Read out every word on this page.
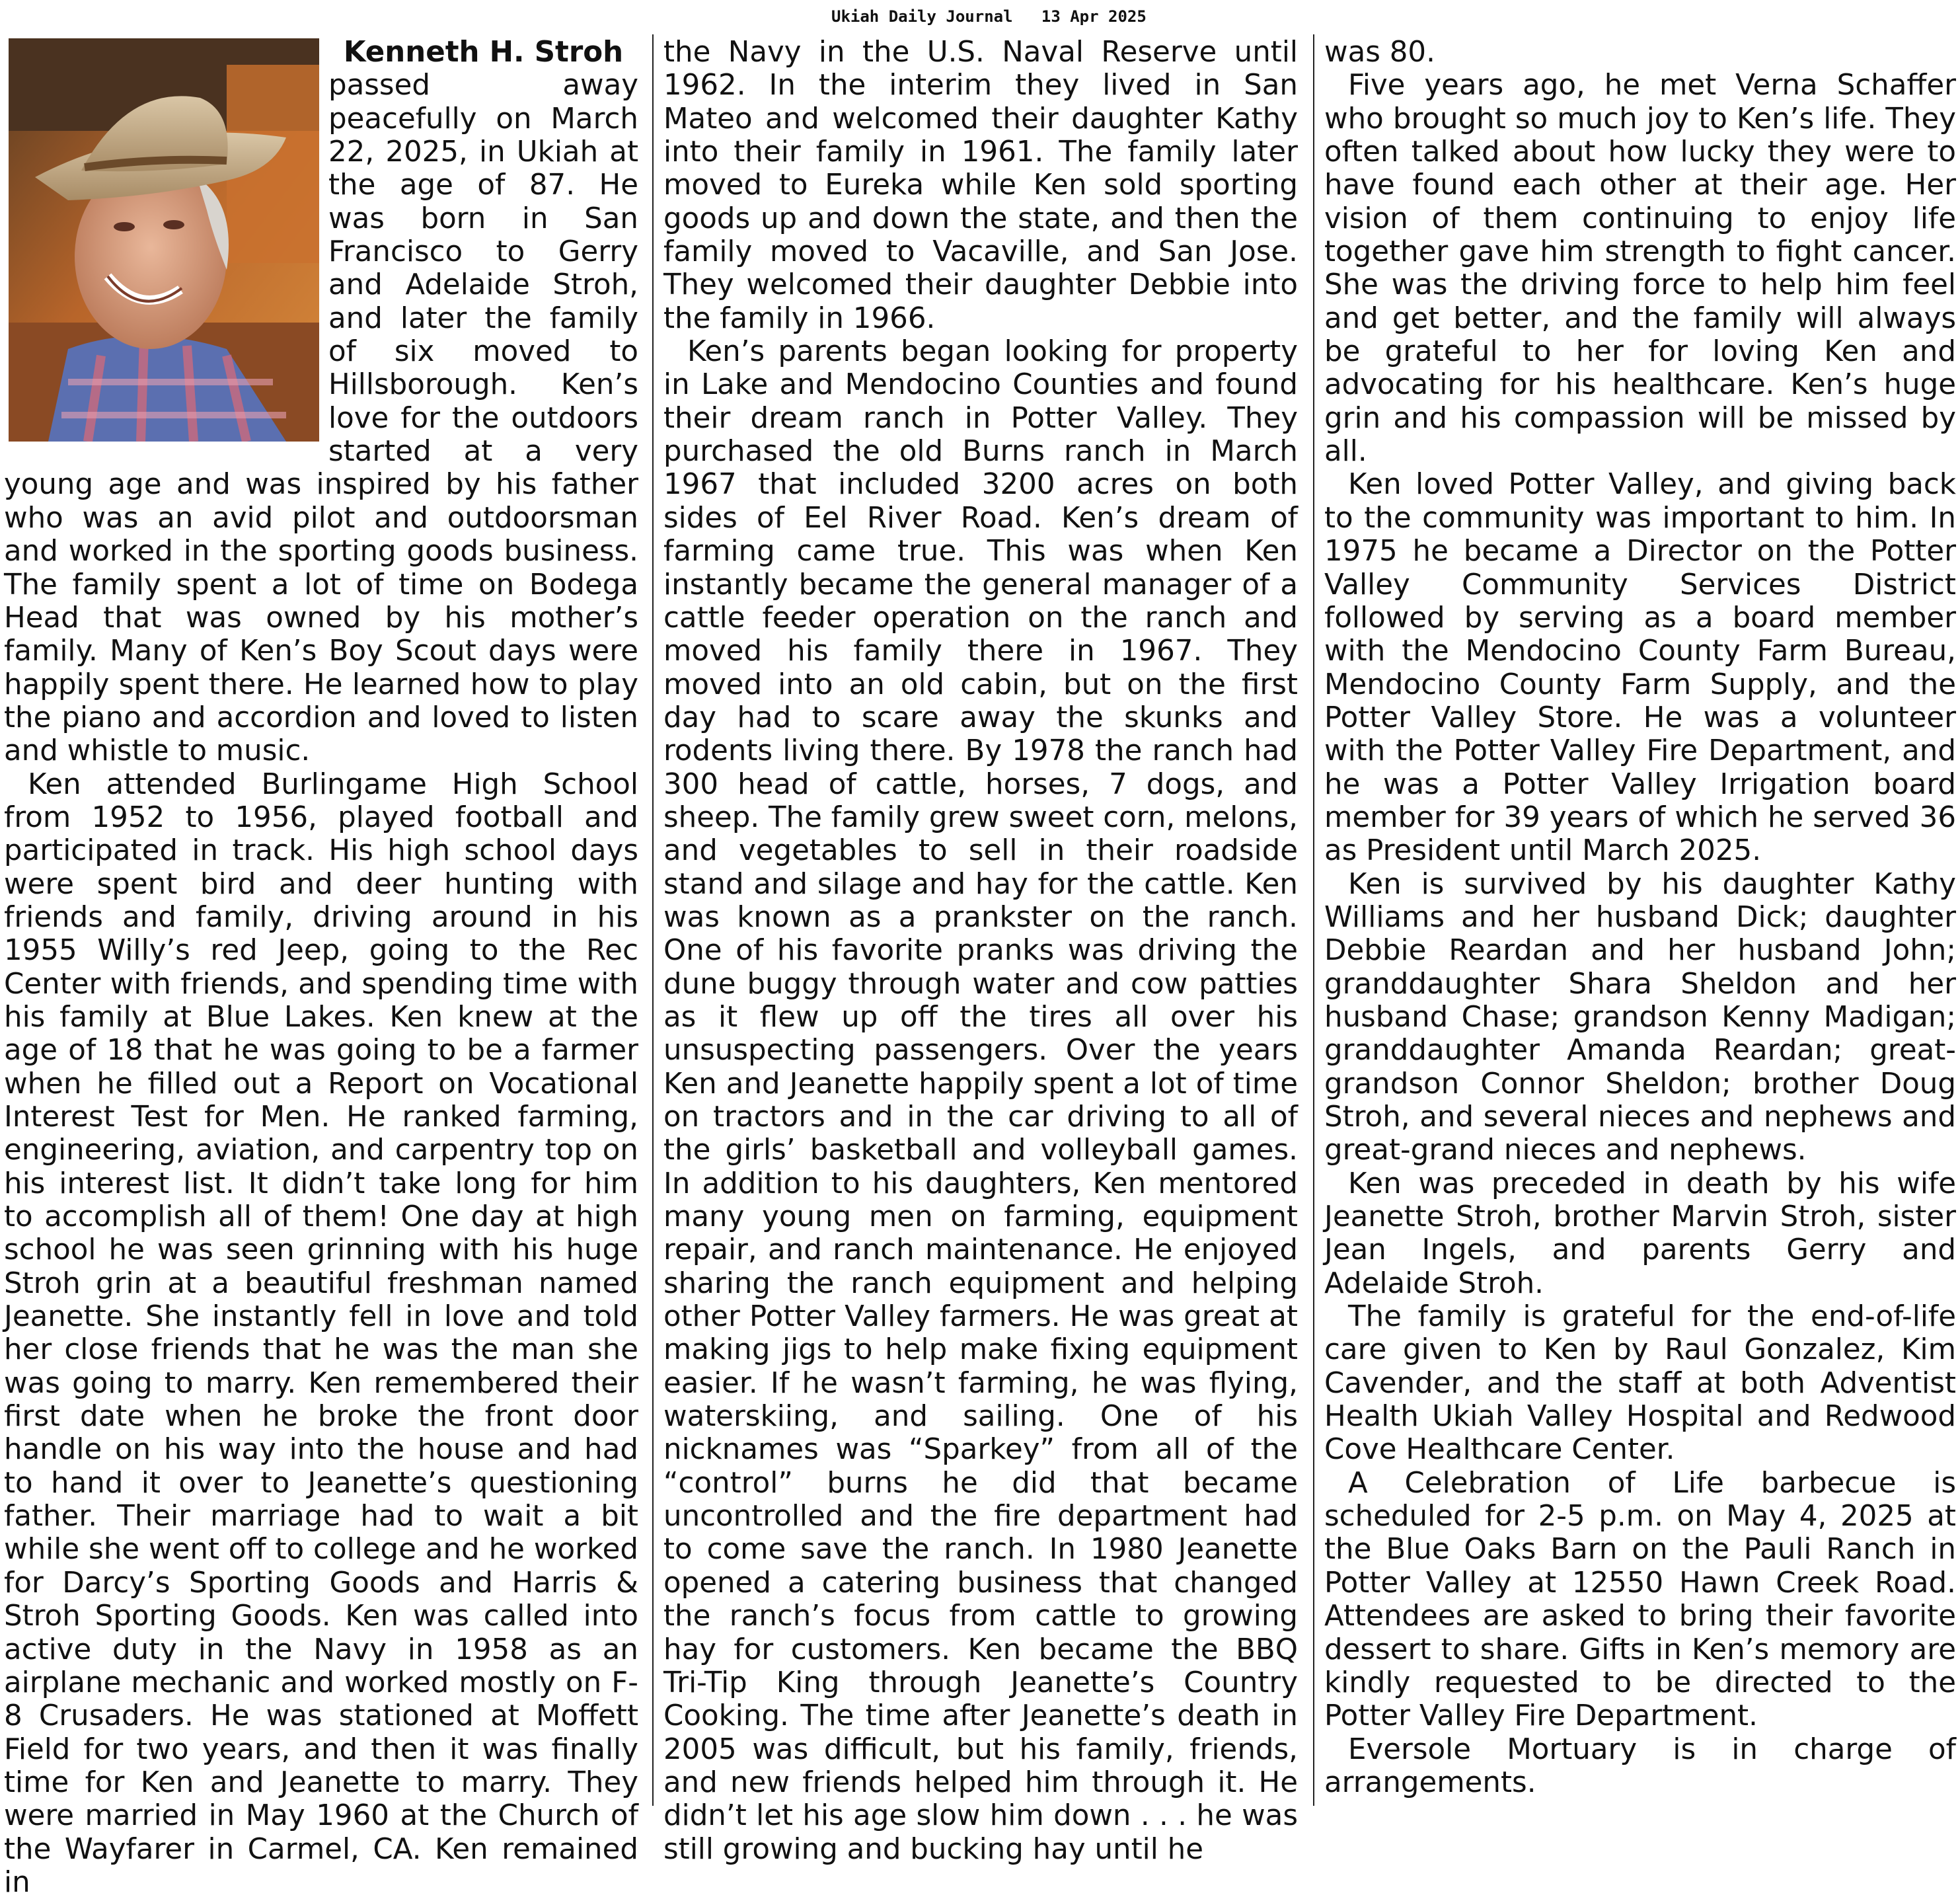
Ukiah Daily Journal   13 Apr 2025
Kenneth H. Stroh

passed away peacefully on March 22, 2025, in Ukiah at the age of 87. He was born in San Francisco to Gerry and Adelaide Stroh, and later the family of six moved to Hillsborough. Ken’s love for the outdoors started at a very young age and was inspired by his father who was an avid pilot and outdoorsman and worked in the sporting goods business. The family spent a lot of time on Bodega Head that was owned by his mother’s family. Many of Ken’s Boy Scout days were happily spent there. He learned how to play the piano and accordion and loved to listen and whistle to music.

Ken attended Burlingame High School from 1952 to 1956, played football and participated in track. His high school days were spent bird and deer hunting with friends and family, driving around in his 1955 Willy’s red Jeep, going to the Rec Center with friends, and spending time with his family at Blue Lakes. Ken knew at the age of 18 that he was going to be a farmer when he filled out a Report on Vocational Interest Test for Men. He ranked farming, engineering, aviation, and carpentry top on his interest list. It didn’t take long for him to accomplish all of them! One day at high school he was seen grinning with his huge Stroh grin at a beautiful freshman named Jeanette. She instantly fell in love and told her close friends that he was the man she was going to marry. Ken remembered their first date when he broke the front door handle on his way into the house and had to hand it over to Jeanette’s questioning father. Their marriage had to wait a bit while she went off to college and he worked for Darcy’s Sporting Goods and Harris & Stroh Sporting Goods. Ken was called into active duty in the Navy in 1958 as an airplane mechanic and worked mostly on F-8 Crusaders. He was stationed at Moffett Field for two years, and then it was finally time for Ken and Jeanette to marry. They were married in May 1960 at the Church of the Wayfarer in Carmel, CA. Ken remained in

the Navy in the U.S. Naval Reserve until 1962. In the interim they lived in San Mateo and welcomed their daughter Kathy into their family in 1961. The family later moved to Eureka while Ken sold sporting goods up and down the state, and then the family moved to Vacaville, and San Jose. They welcomed their daughter Debbie into the family in 1966.

Ken’s parents began looking for property in Lake and Mendocino Counties and found their dream ranch in Potter Valley. They purchased the old Burns ranch in March 1967 that included 3200 acres on both sides of Eel River Road. Ken’s dream of farming came true. This was when Ken instantly became the general manager of a cattle feeder operation on the ranch and moved his family there in 1967. They moved into an old cabin, but on the first day had to scare away the skunks and rodents living there. By 1978 the ranch had 300 head of cattle, horses, 7 dogs, and sheep. The family grew sweet corn, melons, and vegetables to sell in their roadside stand and silage and hay for the cattle. Ken was known as a prankster on the ranch. One of his favorite pranks was driving the dune buggy through water and cow patties as it flew up off the tires all over his unsuspecting passengers. Over the years Ken and Jeanette happily spent a lot of time on tractors and in the car driving to all of the girls’ basketball and volleyball games. In addition to his daughters, Ken mentored many young men on farming, equipment repair, and ranch maintenance. He enjoyed sharing the ranch equipment and helping other Potter Valley farmers. He was great at making jigs to help make fixing equipment easier. If he wasn’t farming, he was flying, waterskiing, and sailing. One of his nicknames was “Sparkey” from all of the “control” burns he did that became uncontrolled and the fire department had to come save the ranch. In 1980 Jeanette opened a catering business that changed the ranch’s focus from cattle to growing hay for customers. Ken became the BBQ Tri-Tip King through Jeanette’s Country Cooking. The time after Jeanette’s death in 2005 was difficult, but his family, friends, and new friends helped him through it. He didn’t let his age slow him down . . . he was still growing and bucking hay until he

was 80.

Five years ago, he met Verna Schaffer who brought so much joy to Ken’s life. They often talked about how lucky they were to have found each other at their age. Her vision of them continuing to enjoy life together gave him strength to fight cancer. She was the driving force to help him feel and get better, and the family will always be grateful to her for loving Ken and advocating for his healthcare. Ken’s huge grin and his compassion will be missed by all.

Ken loved Potter Valley, and giving back to the community was important to him. In 1975 he became a Director on the Potter Valley Community Services District followed by serving as a board member with the Mendocino County Farm Bureau, Mendocino County Farm Supply, and the Potter Valley Store. He was a volunteer with the Potter Valley Fire Department, and he was a Potter Valley Irrigation board member for 39 years of which he served 36 as President until March 2025.

Ken is survived by his daughter Kathy Williams and her husband Dick; daughter Debbie Reardan and her husband John; granddaughter Shara Sheldon and her husband Chase; grandson Kenny Madigan; granddaughter Amanda Reardan; great-grandson Connor Sheldon; brother Doug Stroh, and several nieces and nephews and great-grand nieces and nephews.

Ken was preceded in death by his wife Jeanette Stroh, brother Marvin Stroh, sister Jean Ingels, and parents Gerry and Adelaide Stroh.

The family is grateful for the end-of-life care given to Ken by Raul Gonzalez, Kim Cavender, and the staff at both Adventist Health Ukiah Valley Hospital and Redwood Cove Healthcare Center.

A Celebration of Life barbecue is scheduled for 2-5 p.m. on May 4, 2025 at the Blue Oaks Barn on the Pauli Ranch in Potter Valley at 12550 Hawn Creek Road. Attendees are asked to bring their favorite dessert to share. Gifts in Ken’s memory are kindly requested to be directed to the Potter Valley Fire Department.

Eversole Mortuary is in charge of arrangements.
